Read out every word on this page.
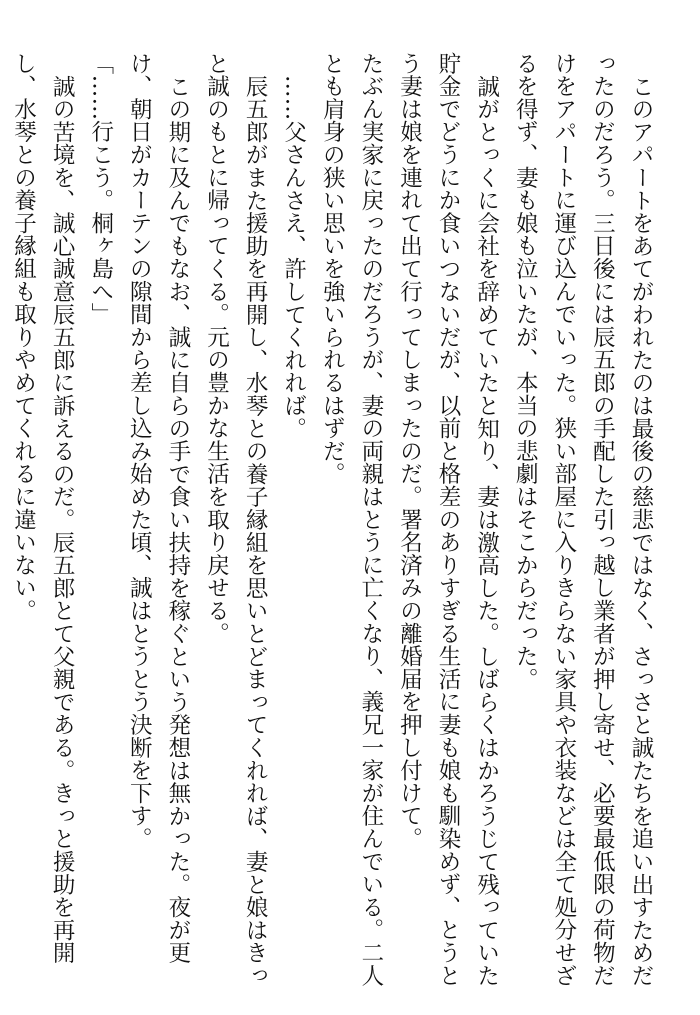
このアパートをあてがわれたのは最後の慈悲ではなく、さっさと誠たちを追い出すためだったのだろう。三日後には辰五郎の手配した引っ越し業者が押し寄せ、必要最低限の荷物だけをアパートに運び込んでいった。狭い部屋に入りきらない家具や衣装などは全て処分せざるを得ず、妻も娘も泣いたが、本当の悲劇はそこからだった。

誠がとっくに会社を辞めていたと知り、妻は激高した。しばらくはかろうじて残っていた貯金でどうにか食いつないだが、以前と格差のありすぎる生活に妻も娘も馴染めず、とうとう妻は娘を連れて出て行ってしまったのだ。署名済みの離婚届を押し付けて。

たぶん実家に戻ったのだろうが、妻の両親はとうに亡くなり、義兄一家が住んでいる。二人とも肩身の狭い思いを強いられるはずだ。

……父さんさえ、許してくれれば。

辰五郎がまた援助を再開し、水琴との養子縁組を思いとどまってくれれば、妻と娘はきっと誠のもとに帰ってくる。元の豊かな生活を取り戻せる。

この期に及んでもなお、誠に自らの手で食い扶持を稼ぐという発想は無かった。夜が更け、朝日がカーテンの隙間から差し込み始めた頃、誠はとうとう決断を下す。

「……行こう。桐ヶ島へ」

誠の苦境を、誠心誠意辰五郎に訴えるのだ。辰五郎とて父親である。きっと援助を再開し、水琴との養子縁組も取りやめてくれるに違いない。
